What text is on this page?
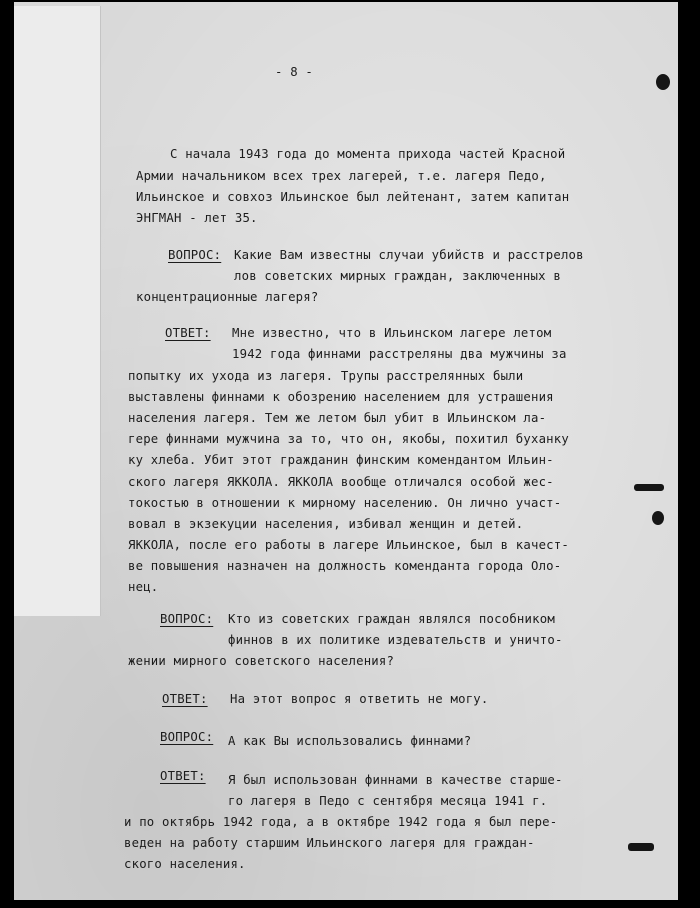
- 8 -
С начала 1943 года до момента прихода частей Красной
Армии начальником всех трех лагерей, т.е. лагеря Педо,
Ильинское и совхоз Ильинское был лейтенант, затем капитан
ЭНГМАН - лет 35.
ВОПРОС: Какие Вам известны случаи убийств и расстрелов
лов советских мирных граждан, заключенных в
концентрационные лагеря?
ОТВЕТ: Мне известно, что в Ильинском лагере летом
1942 года финнами расстреляны два мужчины за
попытку их ухода из лагеря. Трупы расстрелянных были
выставлены финнами к обозрению населением для устрашения
населения лагеря. Тем же летом был убит в Ильинском ла-
гере финнами мужчина за то, что он, якобы, похитил буханку
ку хлеба. Убит этот гражданин финским комендантом Ильин-
ского лагеря ЯККОЛА. ЯККОЛА вообще отличался особой жес-
токостью в отношении к мирному населению. Он лично участ-
вовал в экзекуции населения, избивал женщин и детей.
ЯККОЛА, после его работы в лагере Ильинское, был в качест-
ве повышения назначен на должность коменданта города Оло-
нец.
ВОПРОС: Кто из советских граждан являлся пособником
финнов в их политике издевательств и уничто-
жении мирного советского населения?
ОТВЕТ: На этот вопрос я ответить не могу.
ВОПРОС: А как Вы использовались финнами?
ОТВЕТ: Я был использован финнами в качестве старше-
го лагеря в Педо с сентября месяца 1941 г.
и по октябрь 1942 года, а в октябре 1942 года я был пере-
веден на работу старшим Ильинского лагеря для граждан-
ского населения.
